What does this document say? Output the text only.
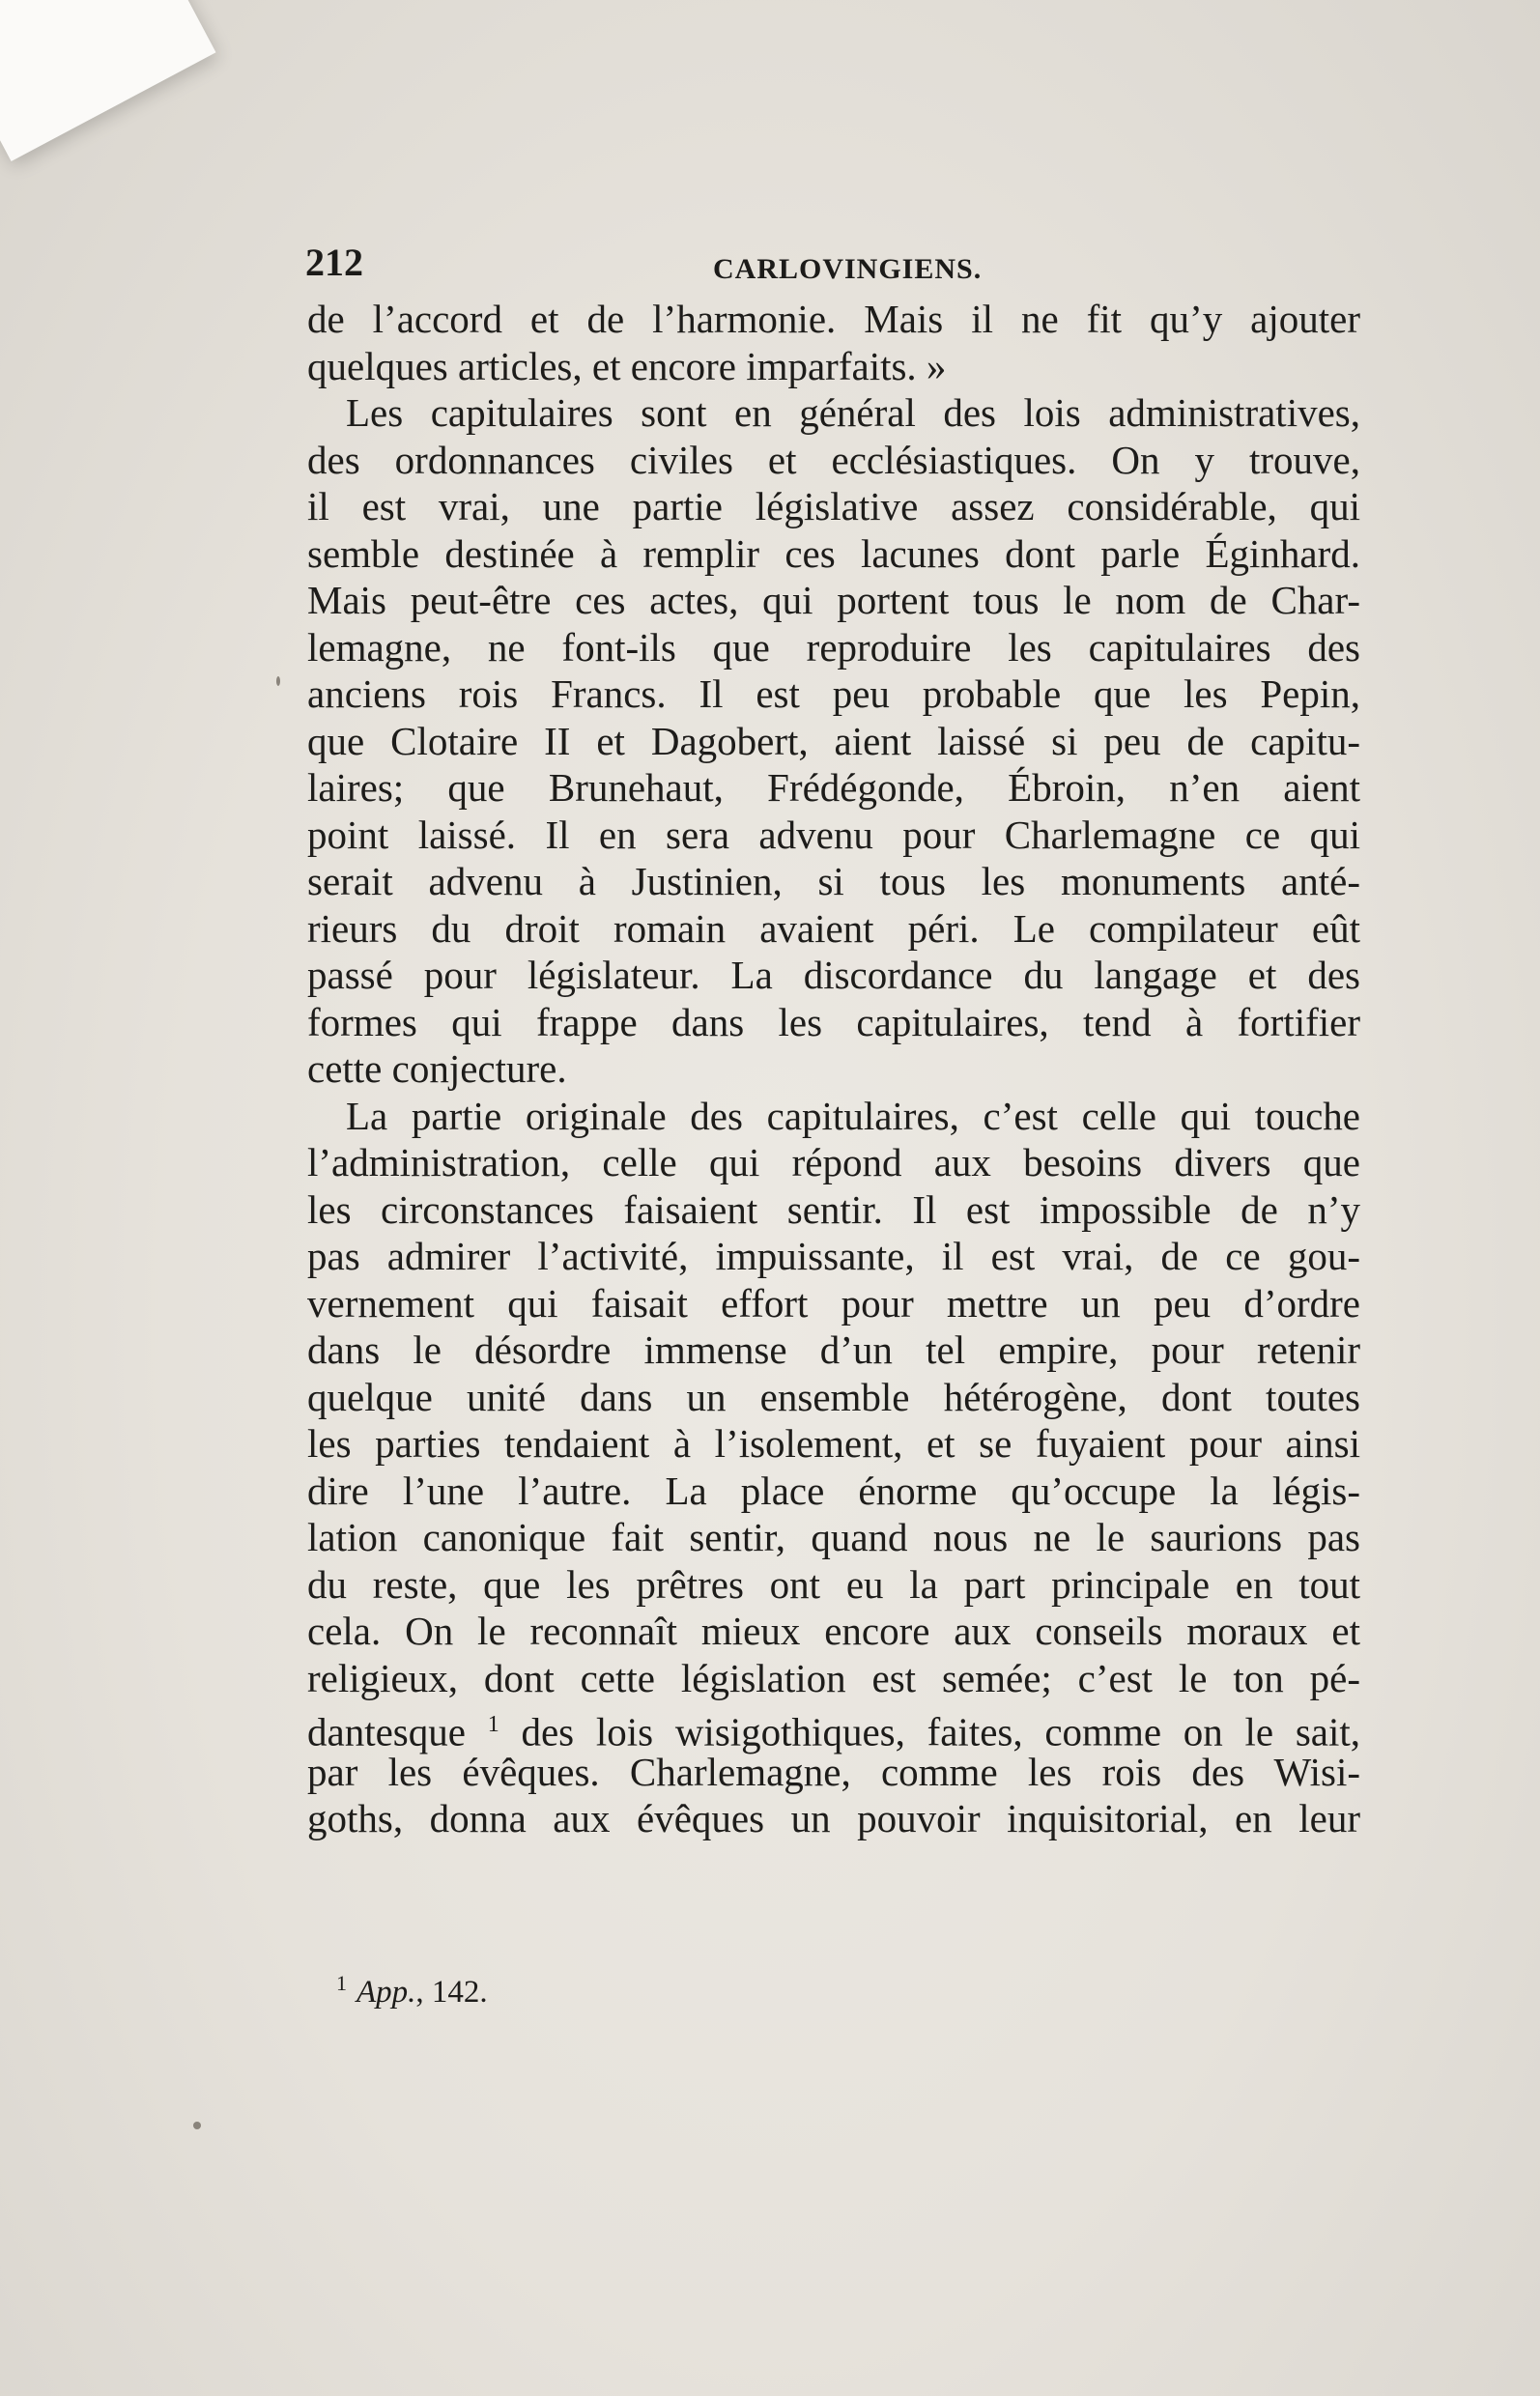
212	CARLOVINGIENS.
de l’accord et de l’harmonie. Mais il ne fit qu’y ajouter
quelques articles, et encore imparfaits. »
Les capitulaires sont en général des lois administratives,
des ordonnances civiles et ecclésiastiques. On y trouve,
il est vrai, une partie législative assez considérable, qui
semble destinée à remplir ces lacunes dont parle Éginhard.
Mais peut-être ces actes, qui portent tous le nom de Char-
lemagne, ne font-ils que reproduire les capitulaires des
anciens rois Francs. Il est peu probable que les Pepin,
que Clotaire II et Dagobert, aient laissé si peu de capitu-
laires; que Brunehaut, Frédégonde, Ébroin, n’en aient
point laissé. Il en sera advenu pour Charlemagne ce qui
serait advenu à Justinien, si tous les monuments anté-
rieurs du droit romain avaient péri. Le compilateur eût
passé pour législateur. La discordance du langage et des
formes qui frappe dans les capitulaires, tend à fortifier
cette conjecture.
La partie originale des capitulaires, c’est celle qui touche
l’administration, celle qui répond aux besoins divers que
les circonstances faisaient sentir. Il est impossible de n’y
pas admirer l’activité, impuissante, il est vrai, de ce gou-
vernement qui faisait effort pour mettre un peu d’ordre
dans le désordre immense d’un tel empire, pour retenir
quelque unité dans un ensemble hétérogène, dont toutes
les parties tendaient à l’isolement, et se fuyaient pour ainsi
dire l’une l’autre. La place énorme qu’occupe la légis-
lation canonique fait sentir, quand nous ne le saurions pas
du reste, que les prêtres ont eu la part principale en tout
cela. On le reconnaît mieux encore aux conseils moraux et
religieux, dont cette législation est semée; c’est le ton pé-
dantesque $^1$ des lois wisigothiques, faites, comme on le sait,
par les évêques. Charlemagne, comme les rois des Wisi-
goths, donna aux évêques un pouvoir inquisitorial, en leur
$^1$ App., 142.
